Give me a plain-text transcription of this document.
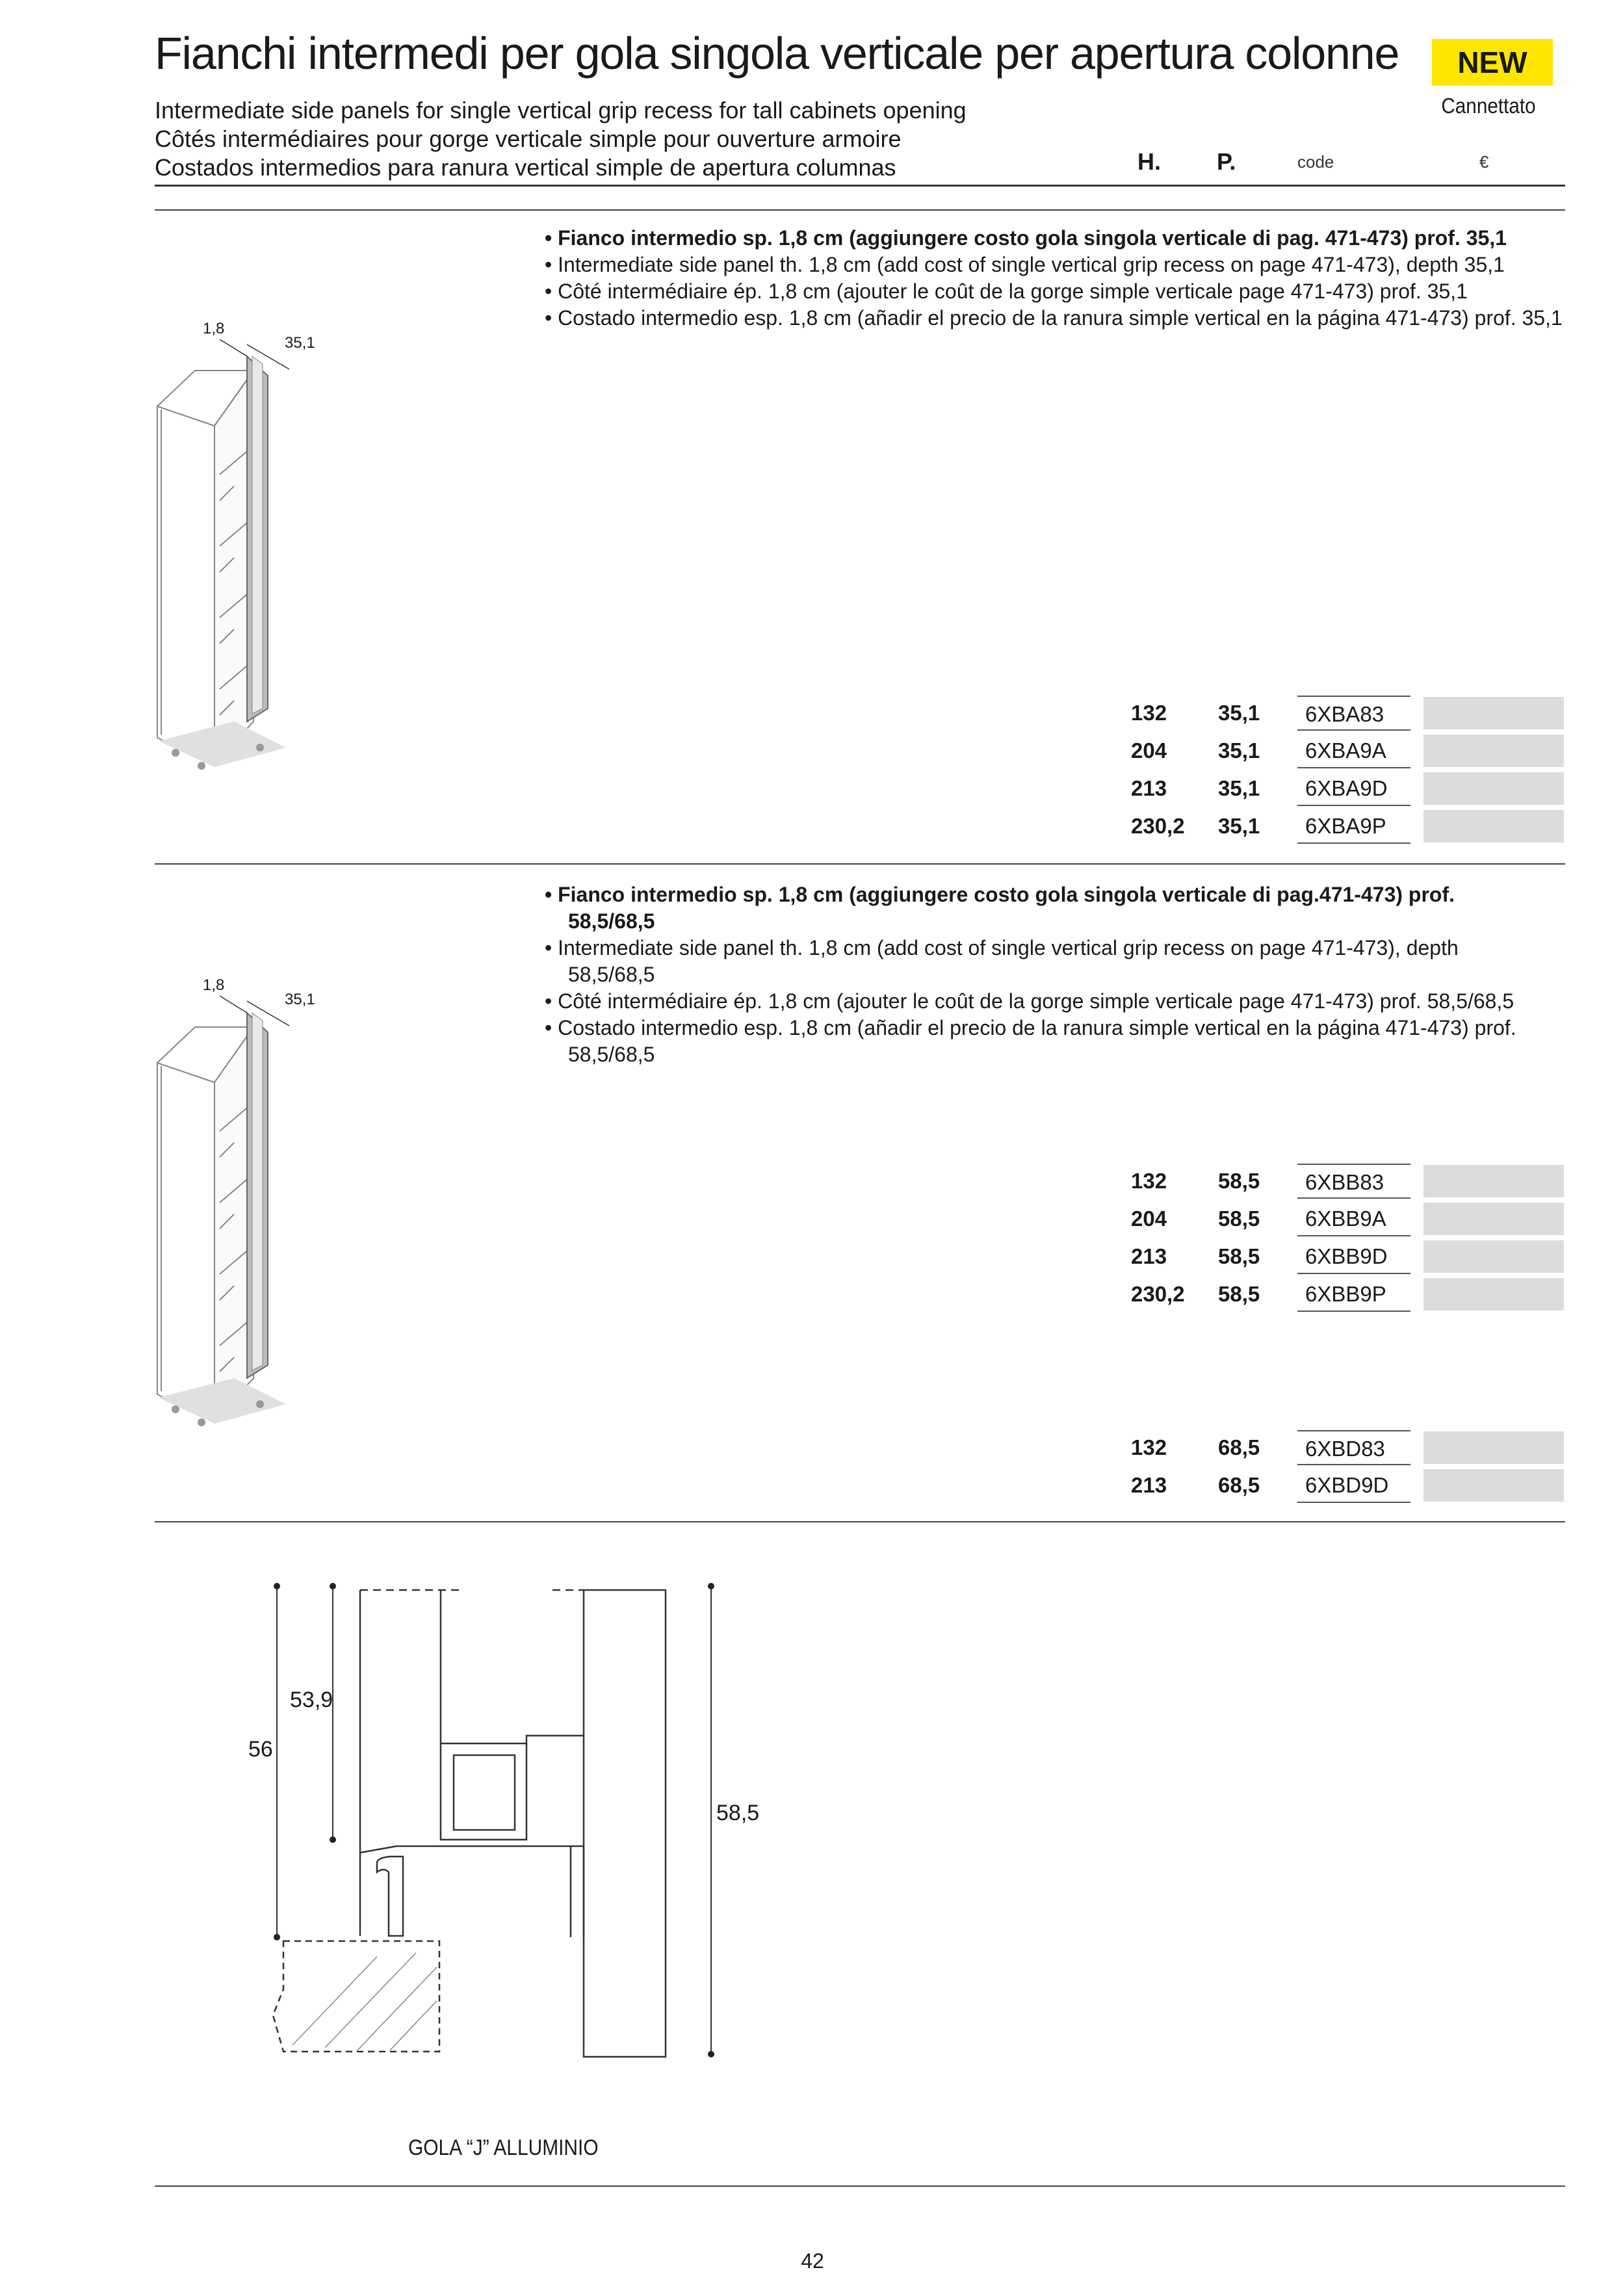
Fianchi intermedi per gola singola verticale per apertura colonne
Intermediate side panels for single vertical grip recess for tall cabinets opening
Côtés intermédiaires pour gorge verticale simple pour ouverture armoire
Costados intermedios para ranura vertical simple de apertura columnas
NEW
Cannettato
H. P.	code	€
1,8
35,1

• Fianco intermedio sp. 1,8 cm (aggiungere costo gola singola verticale di pag. 471-473) prof. 35,1

• Intermediate side panel th. 1,8 cm (add cost of single vertical grip recess on page 471-473), depth 35,1

• Côté intermédiaire ép. 1,8 cm (ajouter le coût de la gorge simple verticale page 471-473) prof. 35,1

• Costado intermedio esp. 1,8 cm (añadir el precio de la ranura simple vertical en la página 471-473) prof. 35,1

132	35,1	6XBA83
204	35,1	6XBA9A
213	35,1	6XBA9D
230,2	35,1	6XBA9P
1,8
35,1

• Fianco intermedio sp. 1,8 cm (aggiungere costo gola singola verticale di pag.471-473) prof. 58,5/68,5

• Intermediate side panel th. 1,8 cm (add cost of single vertical grip recess on page 471-473), depth 58,5/68,5

• Côté intermédiaire ép. 1,8 cm (ajouter le coût de la gorge simple verticale page 471-473) prof. 58,5/68,5

• Costado intermedio esp. 1,8 cm (añadir el precio de la ranura simple vertical en la página 471-473) prof. 58,5/68,5

132	58,5	6XBB83
204	58,5	6XBB9A
213	58,5	6XBB9D
230,2	58,5	6XBB9P
132	68,5	6XBD83
213	68,5	6XBD9D
53,9
56
58,5
GOLA “J” ALLUMINIO
42
